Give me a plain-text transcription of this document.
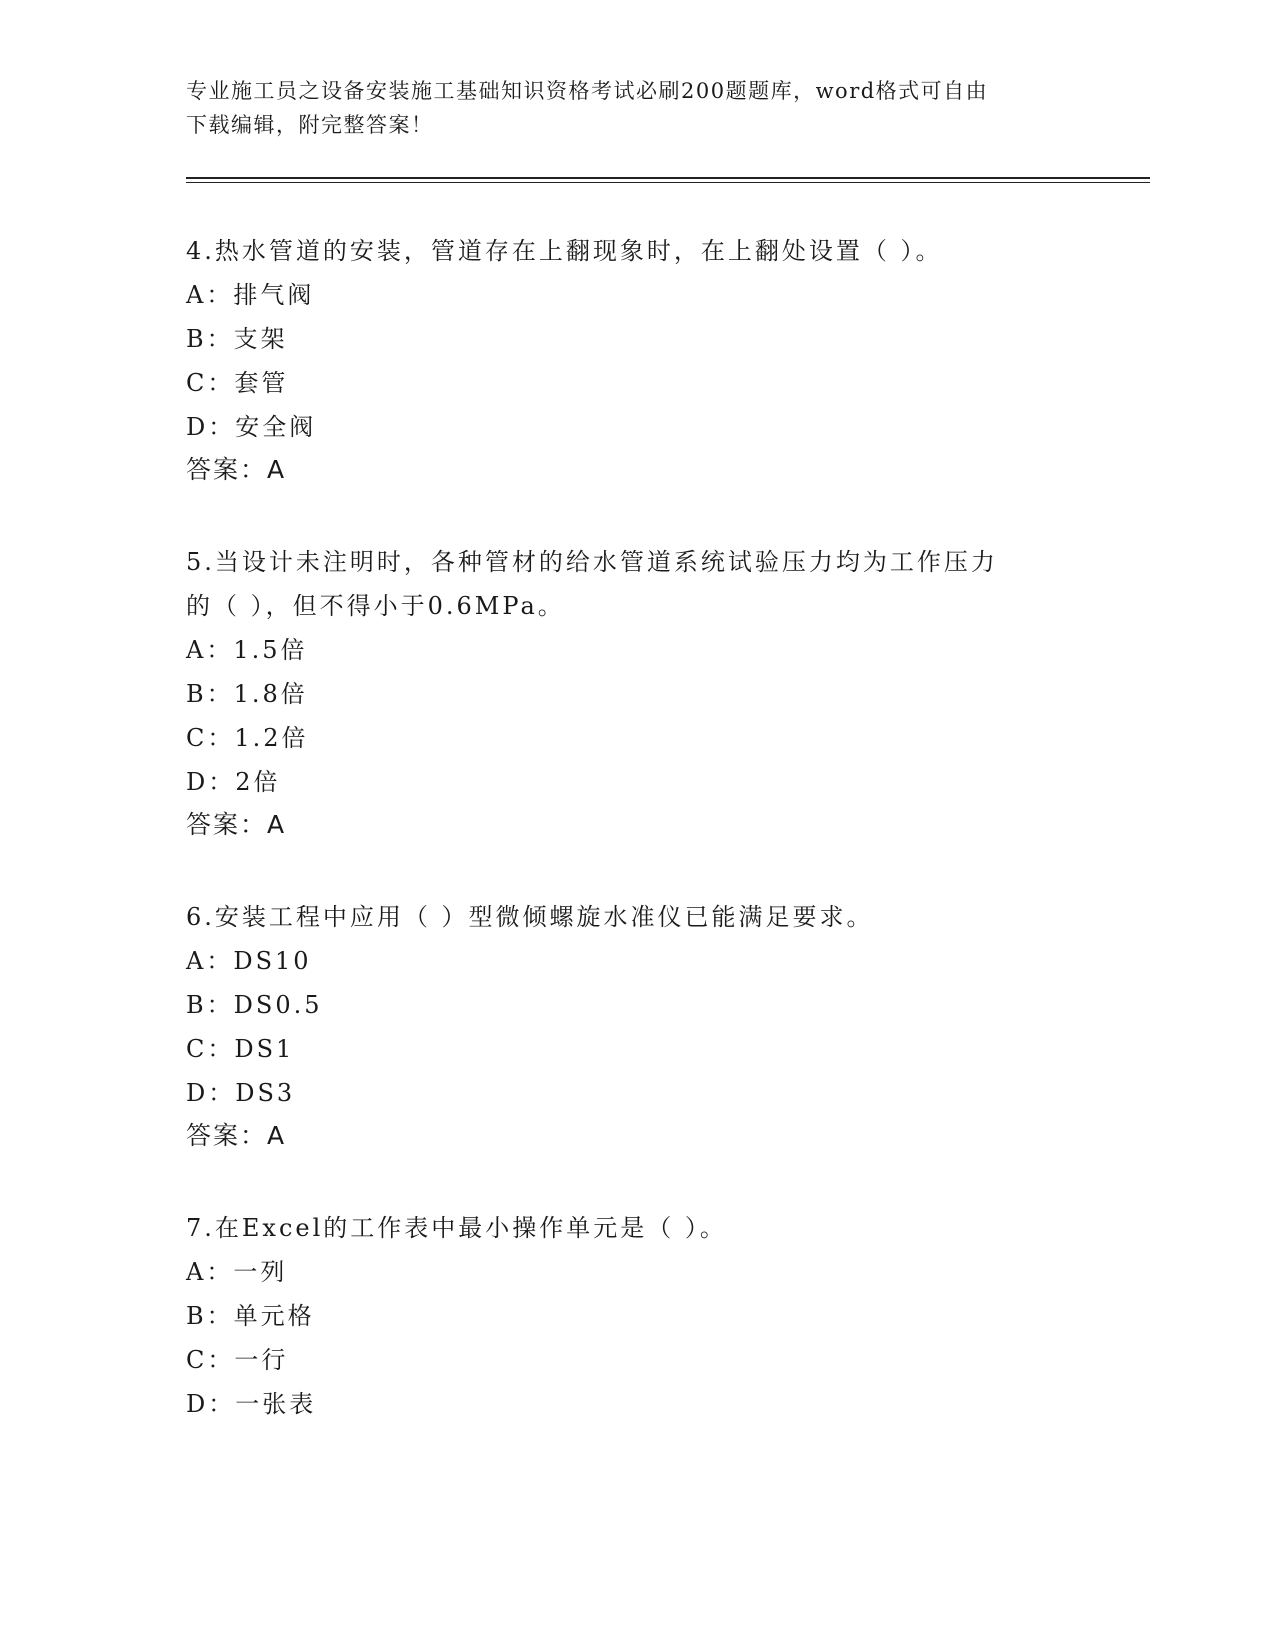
专业施工员之设备安装施工基础知识资格考试必刷200题题库，word格式可自由
下载编辑，附完整答案！
4.热水管道的安装，管道存在上翻现象时，在上翻处设置（ ）。
A：排气阀
B：支架
C：套管
D：安全阀
答案：A
5.当设计未注明时，各种管材的给水管道系统试验压力均为工作压力
的（ ），但不得小于0.6MPa。
A：1.5倍
B：1.8倍
C：1.2倍
D：2倍
答案：A
6.安装工程中应用（ ）型微倾螺旋水准仪已能满足要求。
A：DS10
B：DS0.5
C：DS1
D：DS3
答案：A
7.在Excel的工作表中最小操作单元是（ ）。
A：一列
B：单元格
C：一行
D：一张表
